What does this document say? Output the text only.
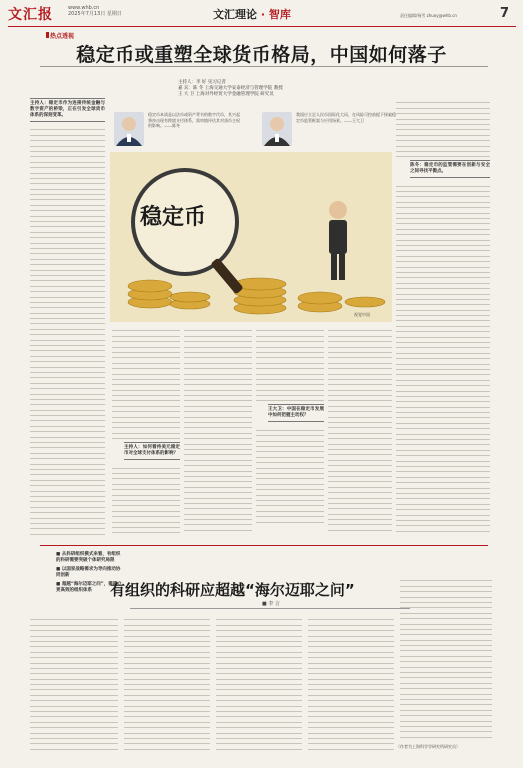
文汇报	www.whb.cn
2025年7月13日 星期日	文汇理论 · 智库	责任编辑/杨雪 zhuoy@whb.cn	7
热点透视
稳定币或重塑全球货币格局，中国如何落子
主持人：李 好 见习记者
嘉 宾：陈 冬 上海交通大学安泰经济与管理学院 教授
王 大 卫 上海对外经贸大学金融管理学院 研究员
稳定币本质是以法币或资产背书的数字代币，其兴起将冲击现有跨境支付体系，需审慎评估其对货币主权的影响。——陈冬
我国应立足人民币国际化大局，在风险可控前提下探索稳定币监管框架与应用场景。——王大卫
主持人：稳定币作为连接传统金融与数字资产的桥梁，正在引发全球货币体系的深刻变革。
稳定币
视觉中国
陈冬：稳定币的监管需要在创新与安全之间寻找平衡点。
主持人：如何看待美元稳定币对全球支付体系的影响？
王大卫：中国在稳定币发展中如何把握主动权？
■ 从科研组织模式来看，有组织的科研需要突破个体研究局限
■ 以国家战略需求为导向推动协同创新
■ 超越“海尔迈耶之问”，需建立更高效的组织体系	有组织的科研应超越“海尔迈耶之问”
■ 李 言
（作者为上海科学学研究所研究员）
